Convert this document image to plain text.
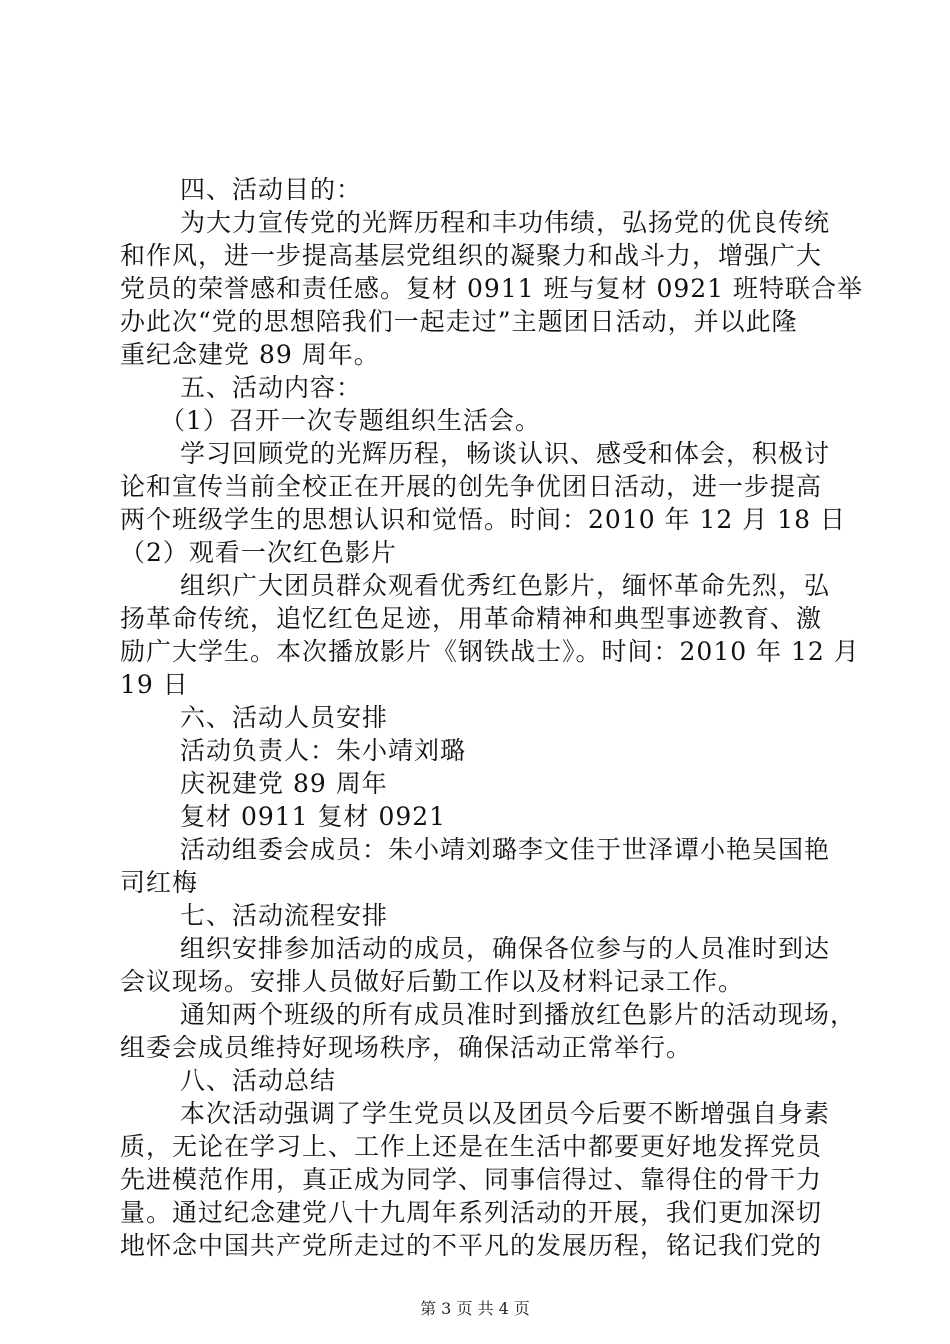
四、活动目的：
为大力宣传党的光辉历程和丰功伟绩，弘扬党的优良传统
和作风，进一步提高基层党组织的凝聚力和战斗力，增强广大
党员的荣誉感和责任感。复材 0911 班与复材 0921 班特联合举
办此次“党的思想陪我们一起走过”主题团日活动，并以此隆
重纪念建党 89 周年。
五、活动内容：
（1）召开一次专题组织生活会。
学习回顾党的光辉历程，畅谈认识、感受和体会，积极讨
论和宣传当前全校正在开展的创先争优团日活动，进一步提高
两个班级学生的思想认识和觉悟。时间：2010 年 12 月 18 日
（2）观看一次红色影片
组织广大团员群众观看优秀红色影片，缅怀革命先烈，弘
扬革命传统，追忆红色足迹，用革命精神和典型事迹教育、激
励广大学生。本次播放影片《钢铁战士》。时间：2010 年 12 月
19 日
六、活动人员安排
活动负责人：朱小靖刘璐
庆祝建党 89 周年
复材 0911 复材 0921
活动组委会成员：朱小靖刘璐李文佳于世泽谭小艳吴国艳
司红梅
七、活动流程安排
组织安排参加活动的成员，确保各位参与的人员准时到达
会议现场。安排人员做好后勤工作以及材料记录工作。
通知两个班级的所有成员准时到播放红色影片的活动现场，
组委会成员维持好现场秩序，确保活动正常举行。
八、活动总结
本次活动强调了学生党员以及团员今后要不断增强自身素
质，无论在学习上、工作上还是在生活中都要更好地发挥党员
先进模范作用，真正成为同学、同事信得过、靠得住的骨干力
量。通过纪念建党八十九周年系列活动的开展，我们更加深切
地怀念中国共产党所走过的不平凡的发展历程，铭记我们党的
第 3 页 共 4 页
